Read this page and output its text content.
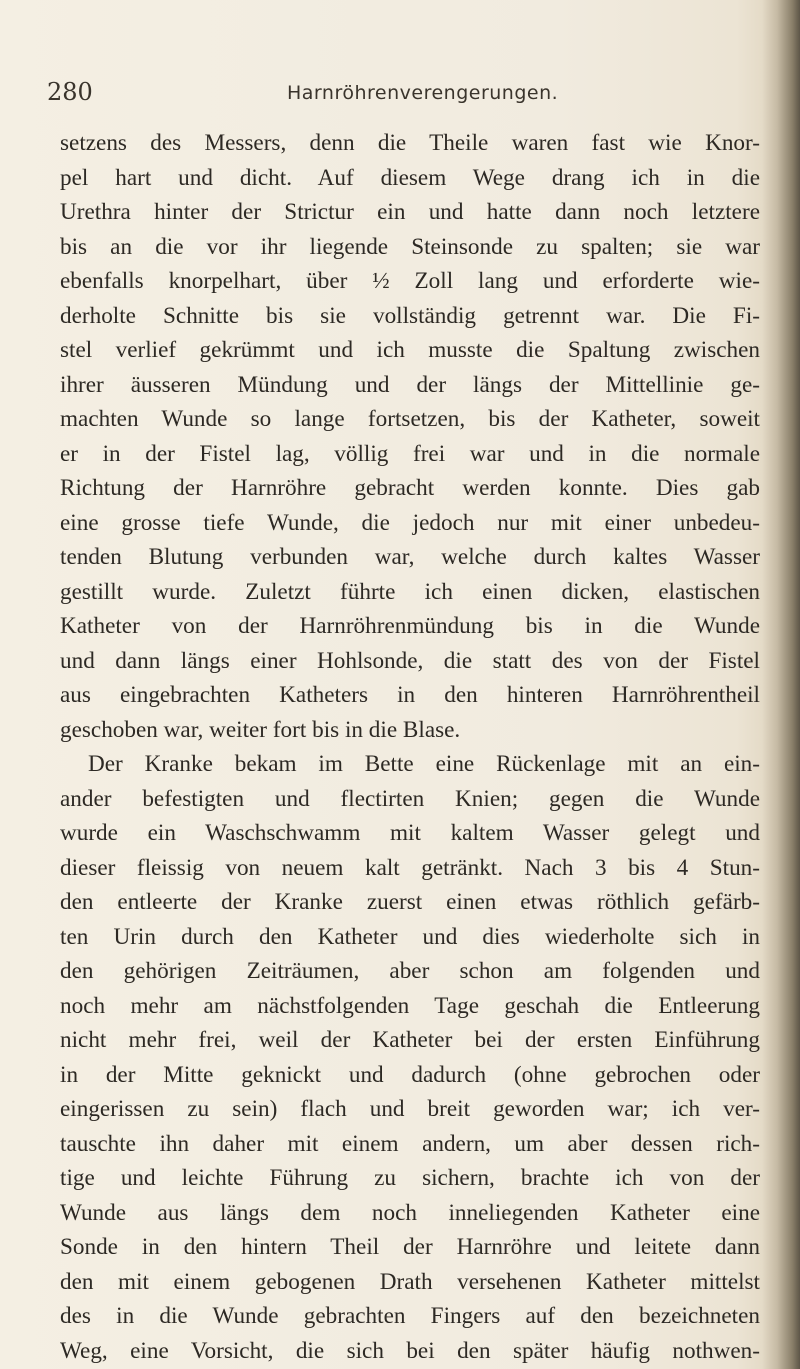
280	Harnröhrenverengerungen.
setzens des Messers, denn die Theile waren fast wie Knor-
pel hart und dicht. Auf diesem Wege drang ich in die
Urethra hinter der Strictur ein und hatte dann noch letztere
bis an die vor ihr liegende Steinsonde zu spalten; sie war
ebenfalls knorpelhart, über ½ Zoll lang und erforderte wie-
derholte Schnitte bis sie vollständig getrennt war. Die Fi-
stel verlief gekrümmt und ich musste die Spaltung zwischen
ihrer äusseren Mündung und der längs der Mittellinie ge-
machten Wunde so lange fortsetzen, bis der Katheter, soweit
er in der Fistel lag, völlig frei war und in die normale
Richtung der Harnröhre gebracht werden konnte. Dies gab
eine grosse tiefe Wunde, die jedoch nur mit einer unbedeu-
tenden Blutung verbunden war, welche durch kaltes Wasser
gestillt wurde. Zuletzt führte ich einen dicken, elastischen
Katheter von der Harnröhrenmündung bis in die Wunde
und dann längs einer Hohlsonde, die statt des von der Fistel
aus eingebrachten Katheters in den hinteren Harnröhrentheil
geschoben war, weiter fort bis in die Blase.
Der Kranke bekam im Bette eine Rückenlage mit an ein-
ander befestigten und flectirten Knien; gegen die Wunde
wurde ein Waschschwamm mit kaltem Wasser gelegt und
dieser fleissig von neuem kalt getränkt. Nach 3 bis 4 Stun-
den entleerte der Kranke zuerst einen etwas röthlich gefärb-
ten Urin durch den Katheter und dies wiederholte sich in
den gehörigen Zeiträumen, aber schon am folgenden und
noch mehr am nächstfolgenden Tage geschah die Entleerung
nicht mehr frei, weil der Katheter bei der ersten Einführung
in der Mitte geknickt und dadurch (ohne gebrochen oder
eingerissen zu sein) flach und breit geworden war; ich ver-
tauschte ihn daher mit einem andern, um aber dessen rich-
tige und leichte Führung zu sichern, brachte ich von der
Wunde aus längs dem noch inneliegenden Katheter eine
Sonde in den hintern Theil der Harnröhre und leitete dann
den mit einem gebogenen Drath versehenen Katheter mittelst
des in die Wunde gebrachten Fingers auf den bezeichneten
Weg, eine Vorsicht, die sich bei den später häufig nothwen-
